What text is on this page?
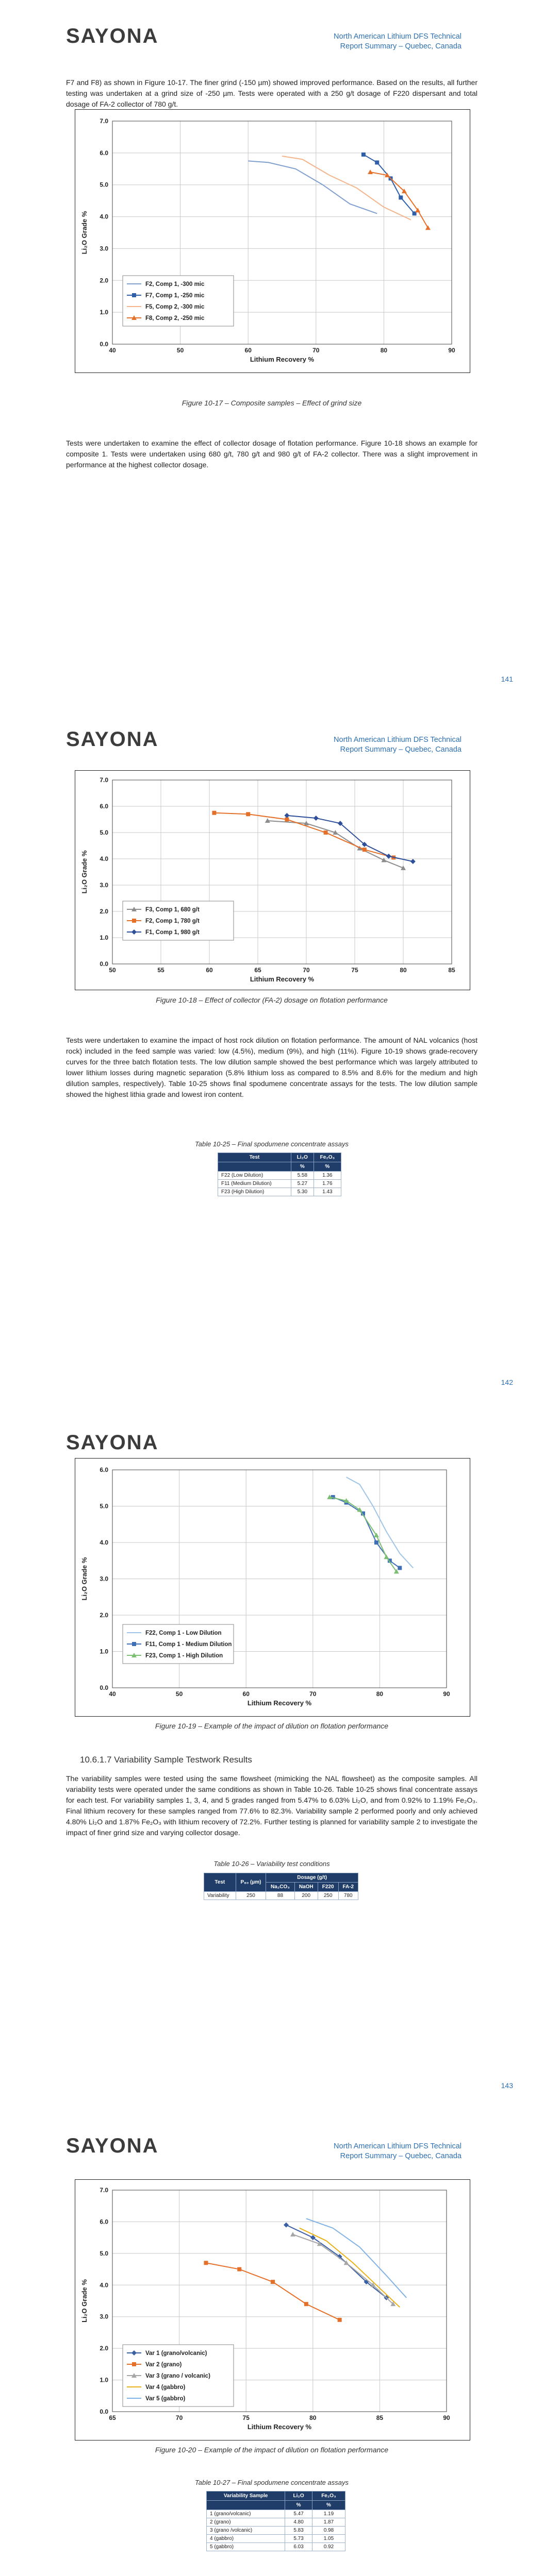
SAYONA	North American Lithium DFS Technical
Report Summary – Quebec, Canada
F7 and F8) as shown in Figure 10-17. The finer grind (-150 µm) showed improved performance. Based on the results, all further testing was undertaken at a grind size of -250 µm. Tests were operated with a 250 g/t dosage of F220 dispersant and total dosage of FA-2 collector of 780 g/t.
40	50	60	70	80	90
0.0
1.0
2.0
3.0
4.0
5.0
6.0
7.0
Lithium Recovery %
Li₂O Grade %
F2, Comp 1, -300 mic
F7, Comp 1, -250 mic
F5, Comp 2, -300 mic
F8, Comp 2, -250 mic
Figure 10-17 – Composite samples – Effect of grind size
Tests were undertaken to examine the effect of collector dosage of flotation performance. Figure 10-18 shows an example for composite 1. Tests were undertaken using 680 g/t, 780 g/t and 980 g/t of FA-2 collector. There was a slight improvement in performance at the highest collector dosage.
141
SAYONA	North American Lithium DFS Technical
Report Summary – Quebec, Canada
50	55	60	65	70	75	80	85
0.0
1.0
2.0
3.0
4.0
5.0
6.0
7.0
Lithium Recovery %
Li₂O Grade %
F3, Comp 1, 680 g/t
F2, Comp 1, 780 g/t
F1, Comp 1, 980 g/t
Figure 10-18 – Effect of collector (FA-2) dosage on flotation performance
Tests were undertaken to examine the impact of host rock dilution on flotation performance. The amount of NAL volcanics (host rock) included in the feed sample was varied: low (4.5%), medium (9%), and high (11%). Figure 10-19 shows grade-recovery curves for the three batch flotation tests. The low dilution sample showed the best performance which was largely attributed to lower lithium losses during magnetic separation (5.8% lithium loss as compared to 8.5% and 8.6% for the medium and high dilution samples, respectively). Table 10-25 shows final spodumene concentrate assays for the tests. The low dilution sample showed the highest lithia grade and lowest iron content.
Table 10-25 – Final spodumene concentrate assays
Test	Li₂O	Fe₂O₃
	%	%
F22 (Low Dilution)	5.58	1.36
F11 (Medium Dilution)	5.27	1.76
F23 (High Dilution)	5.30	1.43
142
SAYONA
40	50	60	70	80	90
0.0
1.0
2.0
3.0
4.0
5.0
6.0
Lithium Recovery %
Li₂O Grade %
F22, Comp 1 - Low Dilution
F11, Comp 1 - Medium Dilution
F23, Comp 1 - High Dilution
Figure 10-19 – Example of the impact of dilution on flotation performance
10.6.1.7 Variability Sample Testwork Results
The variability samples were tested using the same flowsheet (mimicking the NAL flowsheet) as the composite samples. All variability tests were operated under the same conditions as shown in Table 10-26. Table 10-25 shows final concentrate assays for each test. For variability samples 1, 3, 4, and 5 grades ranged from 5.47% to 6.03% Li₂O, and from 0.92% to 1.19% Fe₂O₃. Final lithium recovery for these samples ranged from 77.6% to 82.3%. Variability sample 2 performed poorly and only achieved 4.80% Li₂O and 1.87% Fe₂O₃ with lithium recovery of 72.2%. Further testing is planned for variability sample 2 to investigate the impact of finer grind size and varying collector dosage.
Table 10-26 – Variability test conditions
Test	P₈₀ (µm)	Dosage (g/t)			
		Na₂CO₃	NaOH	F220	FA-2
Variability	250	88	200	250	780
143
SAYONA	North American Lithium DFS Technical
Report Summary – Quebec, Canada
65	70	75	80	85	90
0.0
1.0
2.0
3.0
4.0
5.0
6.0
7.0
Lithium Recovery %
Li₂O Grade %
Var 1 (grano/volcanic)
Var 2 (grano)
Var 3 (grano / volcanic)
Var 4 (gabbro)
Var 5 (gabbro)
Figure 10-20 – Example of the impact of dilution on flotation performance
Table 10-27 – Final spodumene concentrate assays
Variability Sample	Li₂O	Fe₂O₃
	%	%
1 (grano/volcanic)	5.47	1.19
2 (grano)	4.80	1.87
3 (grano /volcanic)	5.83	0.98
4 (gabbro)	5.73	1.05
5 (gabbro)	6.03	0.92
